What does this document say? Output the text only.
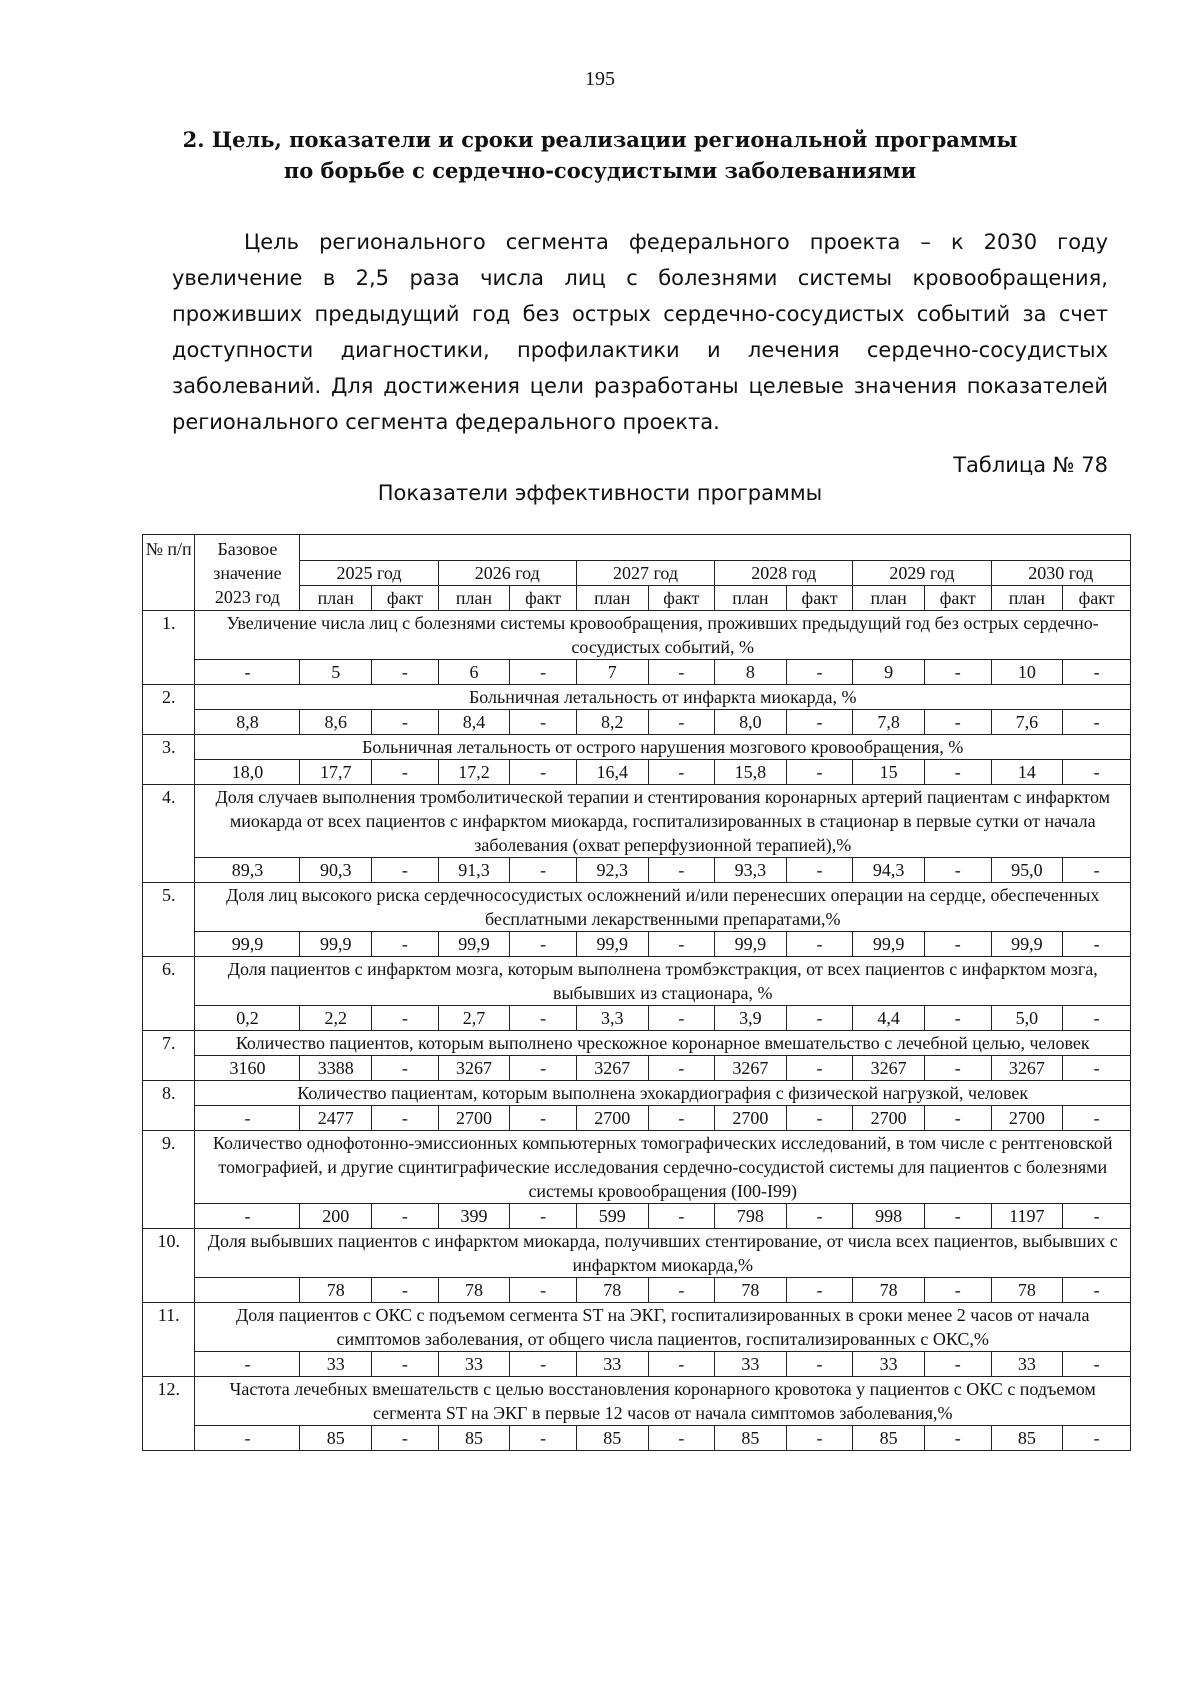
195
2. Цель, показатели и сроки реализации региональной программы
по борьбе с сердечно-сосудистыми заболеваниями
Цель регионального сегмента федерального проекта – к 2030 году увеличение в 2,5 раза числа лиц с болезнями системы кровообращения, проживших предыдущий год без острых сердечно-сосудистых событий за счет доступности диагностики, профилактики и лечения сердечно-сосудистых заболеваний. Для достижения цели разработаны целевые значения показателей регионального сегмента федерального проекта.
Таблица № 78
Показатели эффективности программы
№ п/п	Базовое значение 2023 год												
		2025 год		2026 год		2027 год		2028 год		2029 год		2030 год	
		план	факт	план	факт	план	факт	план	факт	план	факт	план	факт
1.	Увеличение числа лиц с болезнями системы кровообращения, проживших предыдущий год без острых сердечно-сосудистых событий, %												
	-	5	-	6	-	7	-	8	-	9	-	10	-
2.	Больничная летальность от инфаркта миокарда, %												
	8,8	8,6	-	8,4	-	8,2	-	8,0	-	7,8	-	7,6	-
3.	Больничная летальность от острого нарушения мозгового кровообращения, %												
	18,0	17,7	-	17,2	-	16,4	-	15,8	-	15	-	14	-
4.	Доля случаев выполнения тромболитической терапии и стентирования коронарных артерий пациентам с инфарктом миокарда от всех пациентов с инфарктом миокарда, госпитализированных в стационар в первые сутки от начала заболевания (охват реперфузионной терапией),%												
	89,3	90,3	-	91,3	-	92,3	-	93,3	-	94,3	-	95,0	-
5.	Доля лиц высокого риска сердечнососудистых осложнений и/или перенесших операции на сердце, обеспеченных бесплатными лекарственными препаратами,%												
	99,9	99,9	-	99,9	-	99,9	-	99,9	-	99,9	-	99,9	-
6.	Доля пациентов с инфарктом мозга, которым выполнена тромбэкстракция, от всех пациентов с инфарктом мозга, выбывших из стационара, %												
	0,2	2,2	-	2,7	-	3,3	-	3,9	-	4,4	-	5,0	-
7.	Количество пациентов, которым выполнено чрескожное коронарное вмешательство с лечебной целью, человек												
	3160	3388	-	3267	-	3267	-	3267	-	3267	-	3267	-
8.	Количество пациентам, которым выполнена эхокардиография с физической нагрузкой, человек												
	-	2477	-	2700	-	2700	-	2700	-	2700	-	2700	-
9.	Количество однофотонно-эмиссионных компьютерных томографических исследований, в том числе с рентгеновской томографией, и другие сцинтиграфические исследования сердечно-сосудистой системы для пациентов с болезнями системы кровообращения (I00-I99)												
	-	200	-	399	-	599	-	798	-	998	-	1197	-
10.	Доля выбывших пациентов с инфарктом миокарда, получивших стентирование, от числа всех пациентов, выбывших с инфарктом миокарда,%												
		78	-	78	-	78	-	78	-	78	-	78	-
11.	Доля пациентов с ОКС с подъемом сегмента ST на ЭКГ, госпитализированных в сроки менее 2 часов от начала симптомов заболевания, от общего числа пациентов, госпитализированных с ОКС,%												
	-	33	-	33	-	33	-	33	-	33	-	33	-
12.	Частота лечебных вмешательств с целью восстановления коронарного кровотока у пациентов с ОКС с подъемом сегмента ST на ЭКГ в первые 12 часов от начала симптомов заболевания,%												
	-	85	-	85	-	85	-	85	-	85	-	85	-
